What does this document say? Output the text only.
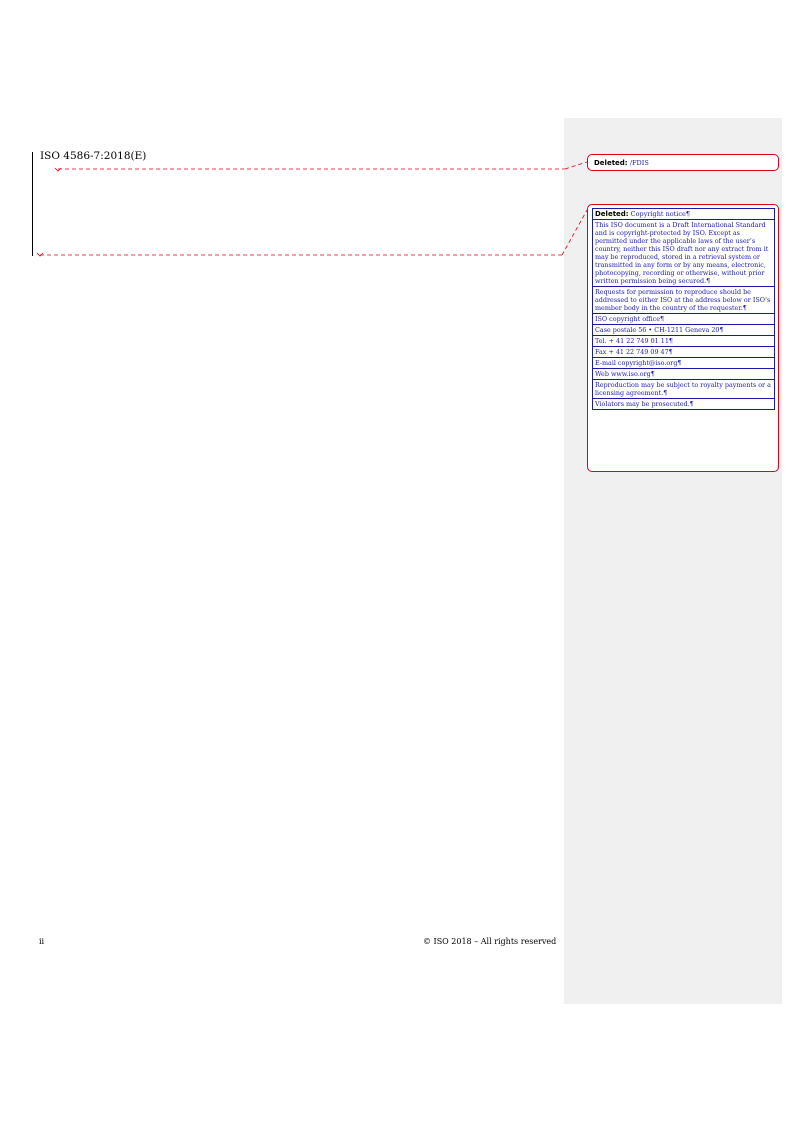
ISO 4586-7:2018(E)
Deleted: /FDIS
Deleted: Copyright notice¶
This ISO document is a Draft International Standard and is copyright-protected by ISO. Except as permitted under the applicable laws of the user’s country, neither this ISO draft nor any extract from it may be reproduced, stored in a retrieval system or transmitted in any form or by any means, electronic, photocopying, recording or otherwise, without prior written permission being secured.¶
Requests for permission to reproduce should be addressed to either ISO at the address below or ISO’s member body in the country of the requester.¶
ISO copyright office¶
Case postale 56 • CH-1211 Geneva 20¶
Tel. + 41 22 749 01 11¶
Fax + 41 22 749 09 47¶
E-mail copyright@iso.org¶
Web www.iso.org¶
Reproduction may be subject to royalty payments or a licensing agreement.¶
Violators may be prosecuted.¶
ii	© ISO 2018 – All rights reserved
